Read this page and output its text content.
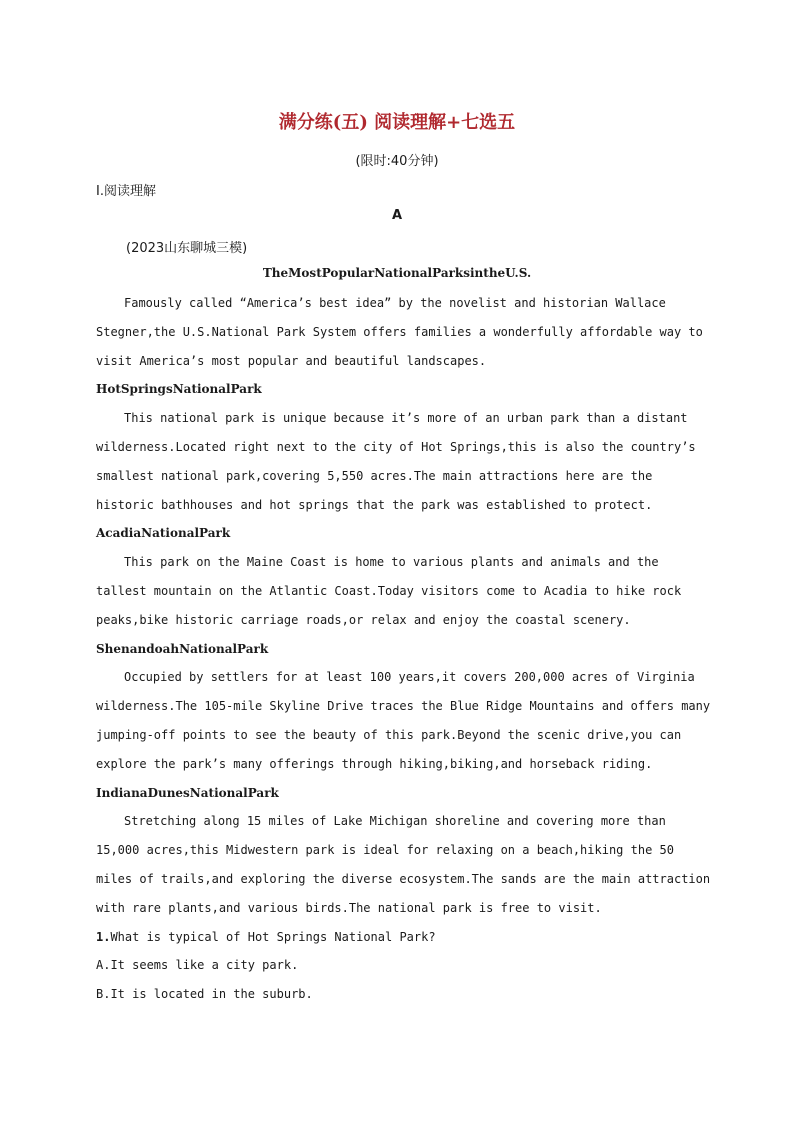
满分练(五) 阅读理解+七选五
(限时:40分钟)
Ⅰ.阅读理解
A
(2023山东聊城三模)
TheMostPopularNationalParksintheU.S.
Famously called “America’s best idea” by the novelist and historian Wallace
Stegner,the U.S.National Park System offers families a wonderfully affordable way to
visit America’s most popular and beautiful landscapes.
HotSpringsNationalPark
This national park is unique because it’s more of an urban park than a distant
wilderness.Located right next to the city of Hot Springs,this is also the country’s
smallest national park,covering 5,550 acres.The main attractions here are the
historic bathhouses and hot springs that the park was established to protect.
AcadiaNationalPark
This park on the Maine Coast is home to various plants and animals and the
tallest mountain on the Atlantic Coast.Today visitors come to Acadia to hike rock
peaks,bike historic carriage roads,or relax and enjoy the coastal scenery.
ShenandoahNationalPark
Occupied by settlers for at least 100 years,it covers 200,000 acres of Virginia
wilderness.The 105-mile Skyline Drive traces the Blue Ridge Mountains and offers many
jumping-off points to see the beauty of this park.Beyond the scenic drive,you can
explore the park’s many offerings through hiking,biking,and horseback riding.
IndianaDunesNationalPark
Stretching along 15 miles of Lake Michigan shoreline and covering more than
15,000 acres,this Midwestern park is ideal for relaxing on a beach,hiking the 50
miles of trails,and exploring the diverse ecosystem.The sands are the main attraction
with rare plants,and various birds.The national park is free to visit.
1.What is typical of Hot Springs National Park?
A.It seems like a city park.
B.It is located in the suburb.
